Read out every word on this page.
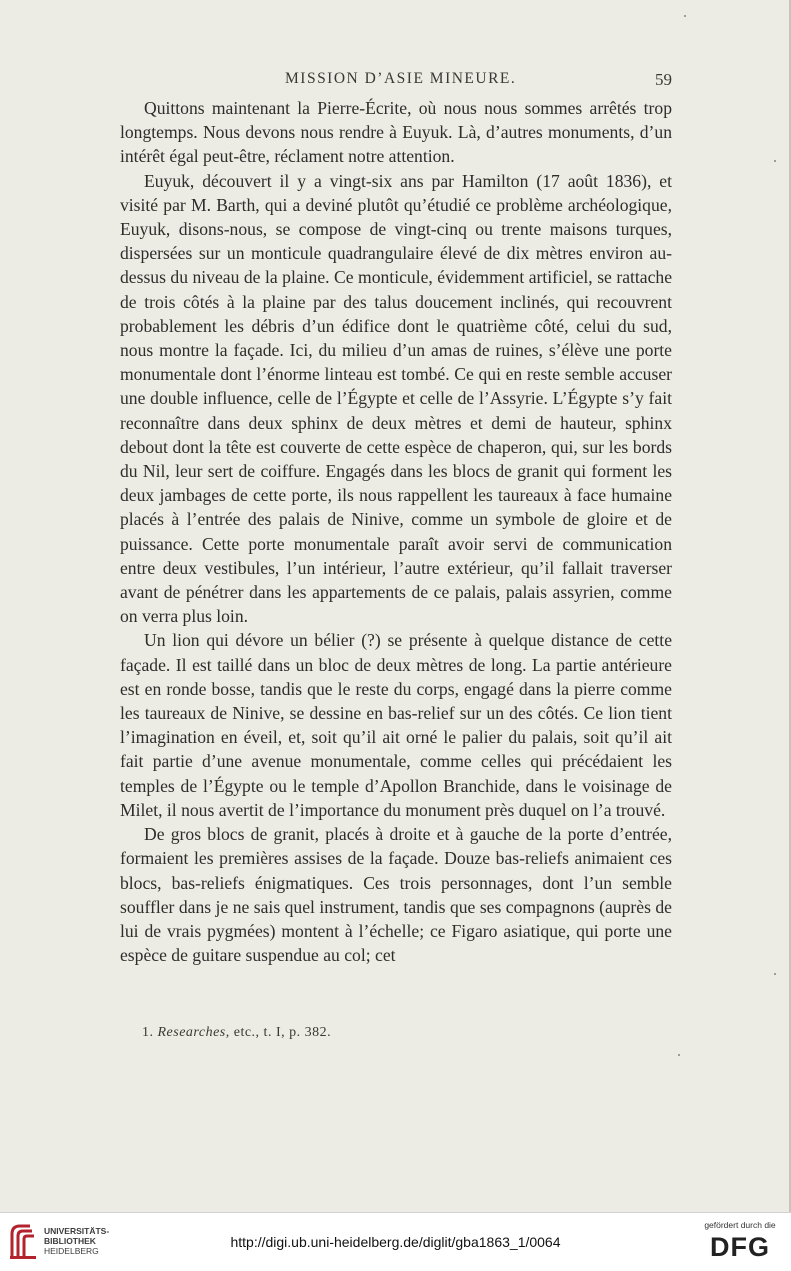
MISSION D’ASIE MINEURE.	59

Quittons maintenant la Pierre-Écrite, où nous nous sommes arrêtés trop longtemps. Nous devons nous rendre à Euyuk. Là, d’autres monuments, d’un intérêt égal peut-être, réclament notre attention.

Euyuk, découvert il y a vingt-six ans par Hamilton (17 août 1836), et visité par M. Barth, qui a deviné plutôt qu’étudié ce problème archéologique, Euyuk, disons-nous, se compose de vingt-cinq ou trente maisons turques, dispersées sur un monticule quadrangulaire élevé de dix mètres environ au-dessus du niveau de la plaine. Ce monticule, évidemment artificiel, se rattache de trois côtés à la plaine par des talus doucement inclinés, qui recouvrent probablement les débris d’un édifice dont le quatrième côté, celui du sud, nous montre la façade. Ici, du milieu d’un amas de ruines, s’élève une porte monumentale dont l’énorme linteau est tombé. Ce qui en reste semble accuser une double influence, celle de l’Égypte et celle de l’Assyrie. L’Égypte s’y fait reconnaître dans deux sphinx de deux mètres et demi de hauteur, sphinx debout dont la tête est couverte de cette espèce de chaperon, qui, sur les bords du Nil, leur sert de coiffure. Engagés dans les blocs de granit qui forment les deux jambages de cette porte, ils nous rappellent les taureaux à face humaine placés à l’entrée des palais de Ninive, comme un symbole de gloire et de puissance. Cette porte monumentale paraît avoir servi de communication entre deux vestibules, l’un intérieur, l’autre extérieur, qu’il fallait traverser avant de pénétrer dans les appartements de ce palais, palais assyrien, comme on verra plus loin.

Un lion qui dévore un bélier (?) se présente à quelque distance de cette façade. Il est taillé dans un bloc de deux mètres de long. La partie antérieure est en ronde bosse, tandis que le reste du corps, engagé dans la pierre comme les taureaux de Ninive, se dessine en bas-relief sur un des côtés. Ce lion tient l’imagination en éveil, et, soit qu’il ait orné le palier du palais, soit qu’il ait fait partie d’une avenue monumentale, comme celles qui précédaient les temples de l’Égypte ou le temple d’Apollon Branchide, dans le voisinage de Milet, il nous avertit de l’importance du monument près duquel on l’a trouvé.

De gros blocs de granit, placés à droite et à gauche de la porte d’entrée, formaient les premières assises de la façade. Douze bas-reliefs animaient ces blocs, bas-reliefs énigmatiques. Ces trois personnages, dont l’un semble souffler dans je ne sais quel instrument, tandis que ses compagnons (auprès de lui de vrais pygmées) montent à l’échelle; ce Figaro asiatique, qui porte une espèce de guitare suspendue au col; cet

1. Researches, etc., t. I, p. 382.
UNIVERSITÄTS-
BIBLIOTHEK
HEIDELBERG
http://digi.ub.uni-heidelberg.de/diglit/gba1863_1/0064
gefördert durch die
DFG
